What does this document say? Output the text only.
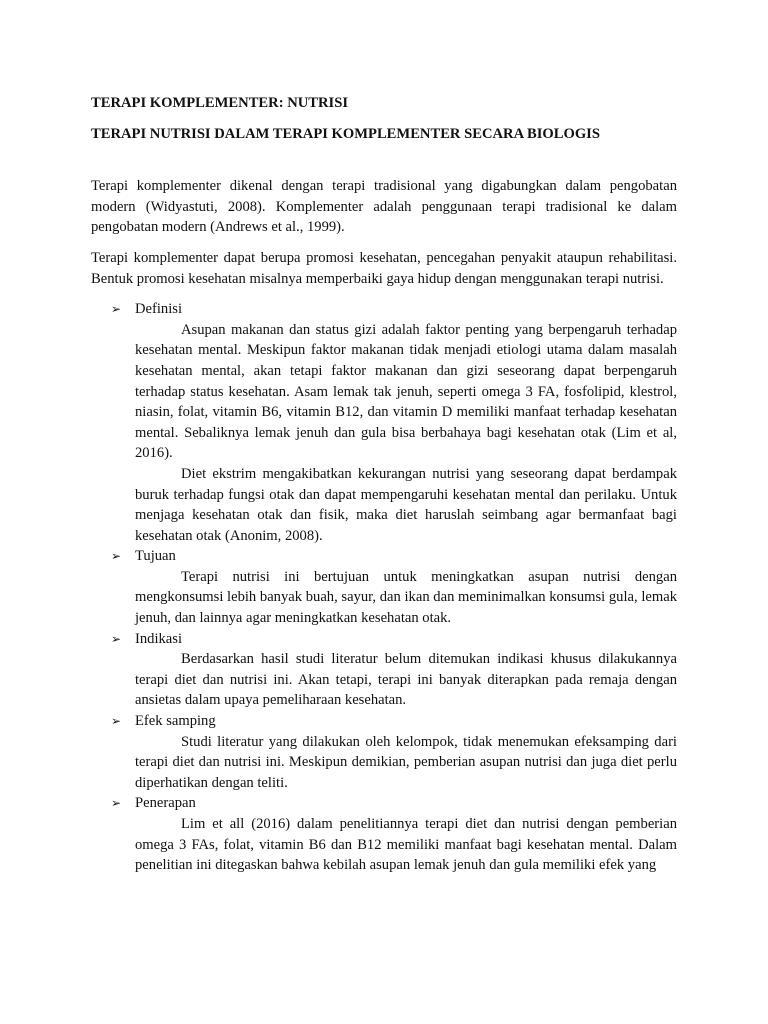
TERAPI KOMPLEMENTER: NUTRISI

TERAPI NUTRISI DALAM TERAPI KOMPLEMENTER SECARA BIOLOGIS

Terapi komplementer dikenal dengan terapi tradisional yang digabungkan dalam pengobatan modern (Widyastuti, 2008). Komplementer adalah penggunaan terapi tradisional ke dalam pengobatan modern (Andrews et al., 1999).

Terapi komplementer dapat berupa promosi kesehatan, pencegahan penyakit ataupun rehabilitasi. Bentuk promosi kesehatan misalnya memperbaiki gaya hidup dengan menggunakan terapi nutrisi.

➢ Definisi

Asupan makanan dan status gizi adalah faktor penting yang berpengaruh terhadap kesehatan mental. Meskipun faktor makanan tidak menjadi etiologi utama dalam masalah kesehatan mental, akan tetapi faktor makanan dan gizi seseorang dapat berpengaruh terhadap status kesehatan. Asam lemak tak jenuh, seperti omega 3 FA, fosfolipid, klestrol, niasin, folat, vitamin B6, vitamin B12, dan vitamin D memiliki manfaat terhadap kesehatan mental. Sebaliknya lemak jenuh dan gula bisa berbahaya bagi kesehatan otak (Lim et al, 2016).

Diet ekstrim mengakibatkan kekurangan nutrisi yang seseorang dapat berdampak buruk terhadap fungsi otak dan dapat mempengaruhi kesehatan mental dan perilaku. Untuk menjaga kesehatan otak dan fisik, maka diet haruslah seimbang agar bermanfaat bagi kesehatan otak (Anonim, 2008).

➢ Tujuan

Terapi nutrisi ini bertujuan untuk meningkatkan asupan nutrisi dengan mengkonsumsi lebih banyak buah, sayur, dan ikan dan meminimalkan konsumsi gula, lemak jenuh, dan lainnya agar meningkatkan kesehatan otak.

➢ Indikasi

Berdasarkan hasil studi literatur belum ditemukan indikasi khusus dilakukannya terapi diet dan nutrisi ini. Akan tetapi, terapi ini banyak diterapkan pada remaja dengan ansietas dalam upaya pemeliharaan kesehatan.

➢ Efek samping

Studi literatur yang dilakukan oleh kelompok, tidak menemukan efeksamping dari terapi diet dan nutrisi ini. Meskipun demikian, pemberian asupan nutrisi dan juga diet perlu diperhatikan dengan teliti.

➢ Penerapan

Lim et all (2016) dalam penelitiannya terapi diet dan nutrisi dengan pemberian omega 3 FAs, folat, vitamin B6 dan B12 memiliki manfaat bagi kesehatan mental. Dalam penelitian ini ditegaskan bahwa kebilah asupan lemak jenuh dan gula memiliki efek yang
